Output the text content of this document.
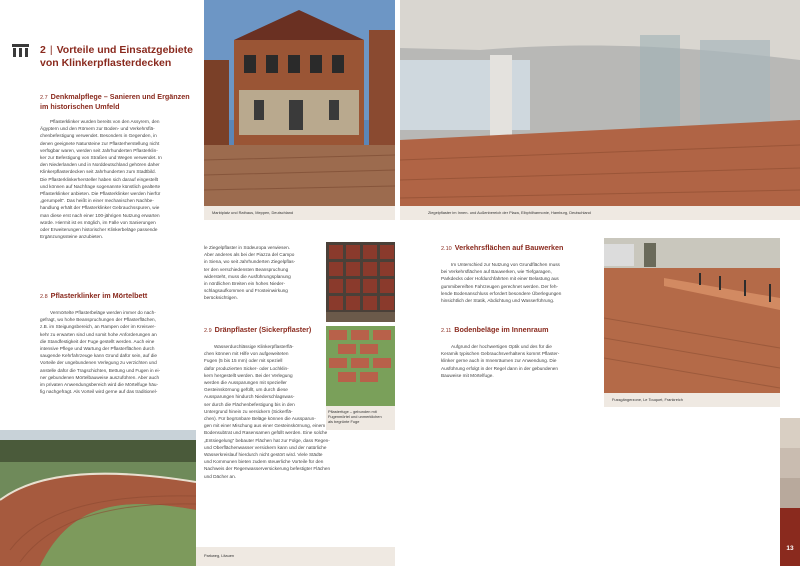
2 | Vorteile und Einsatzgebiete
von Klinkerpflasterdecken
2.7 Denkmalpflege – Sanieren und Ergänzen
im historischen Umfeld
Pflasterklinker wurden bereits von den Assyrern, den
Ägyptern und den Römern zur Boden- und Verkehrsflä-
chenbefestigung verwendet. Besonders in Gegenden, in
denen geeignete Natursteine zur Pflasterherstellung nicht
verfügbar waren, werden seit Jahrhunderten Pflasterklin-
ker zur Befestigung von Straßen und Wegen verwendet. In
den Niederlanden und in Norddeutschland gehören daher
Klinkerpflasterdecken seit Jahrhunderten zum Stadtbild.
Die Pflasterklinkerhersteller haben sich darauf eingestellt
und können auf Nachfrage sogenannte künstlich gealterte
Pflasterklinker anbieten. Die Pflasterklinker werden hierfür
„gerumpelt“. Das heißt in einer mechanischen Nachbe-
handlung erhält der Pflasterklinker Gebrauchsspuren, wie
man diese erst nach einer 100-jährigen Nutzung erwarten
würde. Hiermit ist es möglich, im Falle von Sanierungen
oder Erweiterungen historischer Klinkerbeläge passende
Ergänzungssteine anzubieten.
2.8 Pflasterklinker im Mörtelbett
Vermörtelte Pflasterbeläge werden immer do nach-
gefragt, wo hohe Beanspruchungen der Pflasterflächen,
z.B. im Steigungsbereich, an Rampen oder im Kreisver-
kehr zu erwarten sind und somit hohe Anforderungen an
die Standfestigkeit der Fuge gestellt werden. Auch eine
intensive Pflege und Wartung der Pflasterflächen durch
saugende Kehrfahrzeuge kann Grund dafür sein, auf die
Vorteile der ungebundenen Verlegung zu verzichten und
anstelle dafür die Tragschichten, Bettung und Fugen in ei-
ner gebundenen Mörtelbauweise auszuführen. Aber auch
im privaten Anwendungsbereich wird die Mörtelfuge häu-
fig nachgefragt. Als Vorteil wird gerne auf das traditionel-
Marktplatz und Rathaus, Meppen, Deutschland	Ziegelpflaster im Innen- und Außenbereich der Plaza, Elbphilharmonie, Hamburg, Deutschland
le Ziegelpflaster in Südeuropa verwiesen.
Aber anderes als bei der Piazza del Campo
in Siena, wo seit Jahrhunderten Ziegelpflas-
ter den verschiedensten Beanspruchung
widersteht, muss die Ausführungsplanung
in nördlichen Breiten ein hohes Nieder-
schlagsaufkommen und Frosteinwirkung
berücksichtigen.
2.9 Dränpflaster (Sickerpflaster)
Wasserdurchlässige Klinkerpflasterflä-
chen können mit Hilfe von aufgeweiteten
Fugen (5 bis 15 mm) oder mit speziell
dafür produzierten Sicker- oder Lochklin-
kern hergestellt werden. Bei der Verlegung
werden die Aussparungen mit spezieller
Gesteinskörnung gefüllt, um durch diese
Aussparungen hindurch Niederschlagswas-
ser durch die Flächenbefestigung bis in den
Untergrund hinein zu versickern (Sickerflä-
chen). Für begrünbare Beläge können die Aussparun-
gen mit einer Mischung aus einer Gesteinskörnung, einem
Bodensubtrat und Rasensamen gefüllt werden. Eine solche
„Entsiegelung“ bebauter Flächen hat zur Folge, dass Regen-
und Oberflächenwasser versickern kann und der natürliche
Wasserkreislauf hierdurch nicht gestört wird. Viele Städte
und Kommunen bieten zudem steuerliche Vorteile für den
Nachweis der Regenwasserversickerung befestigter Flächen
und Dächer an.
Pflasterfuge – gebunden mit
Fugenmörtel und unmerklichen
als begrünte Fuge
2.10 Verkehrsflächen auf Bauwerken
Im Unterschied zur Nutzung von Grundflächen muss
bei Verkehrsflächen auf Bauwerken, wie Tiefgaragen,
Parkdecks oder Hofdurchfahrten mit einer Belastung aus
gummibereiften Fahrzeugen gerechnet werden. Der feh-
lende Bodenanschluss erfordert besondere Überlegungen
hinsichtlich der Statik, Abdichtung und Wasserführung.
2.11 Bodenbeläge im Innenraum
Aufgrund der hochwertigen Optik und des für die
Keramik typischen Gebrauchsverhaltens kommt Pflaster-
klinker gerne auch in Innenräumen zur Anwendung. Die
Ausführung erfolgt in der Regel dann in der gebundenen
Bauweise mit Mörtelfuge.
Fussgängerzone, Le Touquet, Frankreich
Parkweg, Litauen
13
